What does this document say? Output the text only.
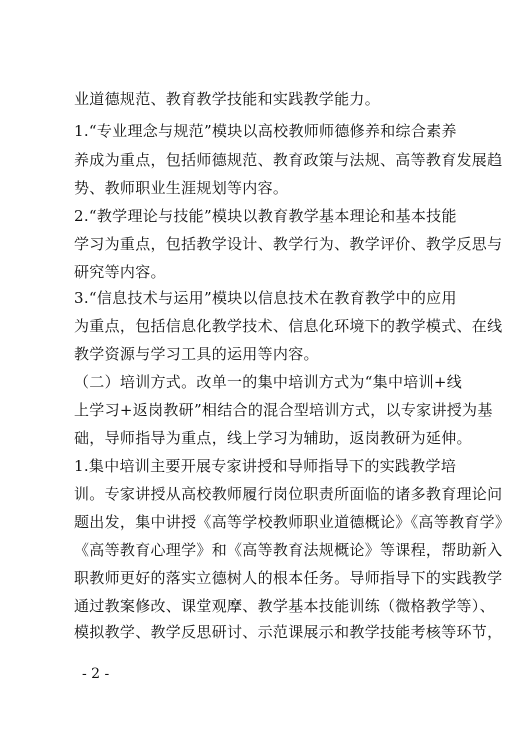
业道德规范、教育教学技能和实践教学能力。
1.“专业理念与规范”模块以高校教师师德修养和综合素养
养成为重点，包括师德规范、教育政策与法规、高等教育发展趋
势、教师职业生涯规划等内容。
2.“教学理论与技能”模块以教育教学基本理论和基本技能
学习为重点，包括教学设计、教学行为、教学评价、教学反思与
研究等内容。
3.“信息技术与运用”模块以信息技术在教育教学中的应用
为重点，包括信息化教学技术、信息化环境下的教学模式、在线
教学资源与学习工具的运用等内容。
（二）培训方式。改单一的集中培训方式为“集中培训+线
上学习+返岗教研”相结合的混合型培训方式，以专家讲授为基
础，导师指导为重点，线上学习为辅助，返岗教研为延伸。
1.集中培训主要开展专家讲授和导师指导下的实践教学培
训。专家讲授从高校教师履行岗位职责所面临的诸多教育理论问
题出发，集中讲授《高等学校教师职业道德概论》《高等教育学》
《高等教育心理学》和《高等教育法规概论》等课程，帮助新入
职教师更好的落实立德树人的根本任务。导师指导下的实践教学
通过教案修改、课堂观摩、教学基本技能训练（微格教学等）、
模拟教学、教学反思研讨、示范课展示和教学技能考核等环节，
- 2 -
